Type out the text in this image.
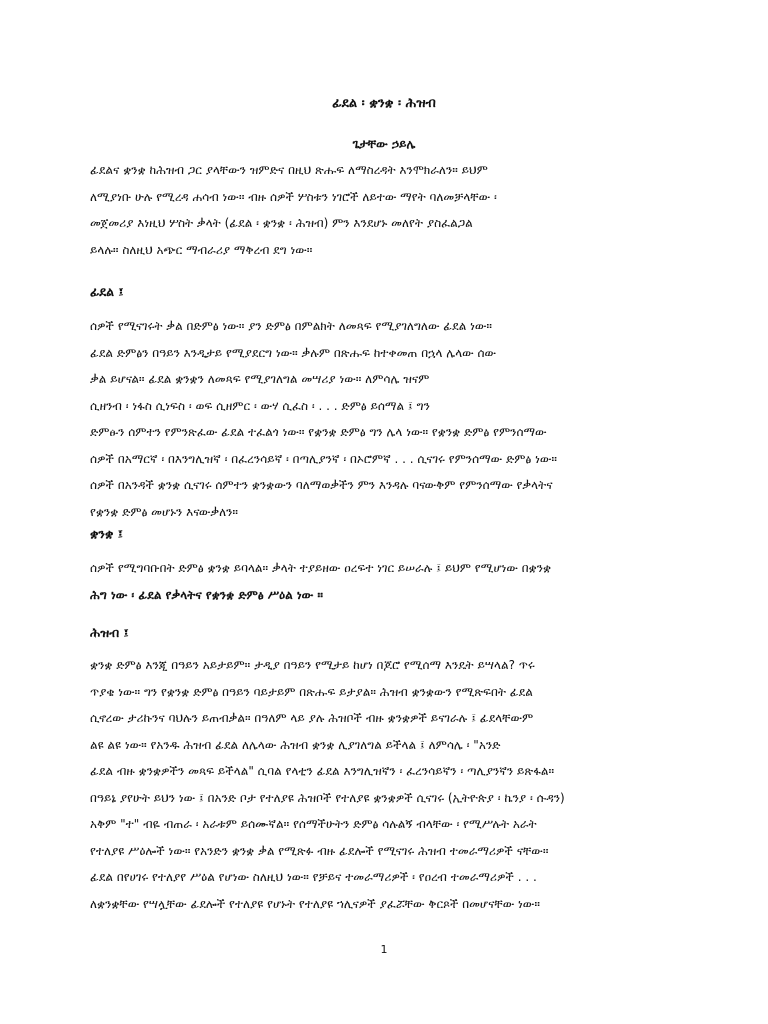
ፊደል ፡ ቋንቋ ፡ ሕዝብ
ጌታቸው ኃይሌ
ፊደልና ቋንቋ ከሕዝብ ጋር ያላቸውን ዝምድና በዚህ ጽሑፍ ለማስረዳት እንሞክራለን። ይህም
ለሚያነቡ ሁሉ የሚረዳ ሐሳብ ነው። ብዙ ሰዎች ሦስቱን ነገሮች ለይተው ማየት ባለመቻላቸው ፡
መጀመሪያ እነዚህ ሦስት ቃላት (ፊደል ፡ ቋንቋ ፡ ሕዝብ) ምን እንደሆኑ መለየት ያስፈልጋል
ይላሉ። ስለዚህ አጭር ማብራሪያ ማቅረብ ደግ ነው።
ፊደል ፤
ሰዎች የሚናገሩት ቃል በድምፅ ነው። ያን ድምፅ በምልክት ለመጻፍ የሚያገለግለው ፊደል ነው።
ፊደል ድምፅን በዓይን እንዲታይ የሚያደርግ ነው። ቃሉም በጽሑፍ ከተቀመጠ በኋላ ሌላው ሰው
ቃል ይሆናል። ፊደል ቋንቋን ለመጻፍ የሚያገለግል መሣሪያ ነው። ለምሳሌ ዝናም
ሲዘንብ ፡ ነፋስ ሲነፍስ ፡ ወፍ ሲዘምር ፡ ውሃ ሲፈስ ፡ . . . ድምፅ ይሰማል ፤ ግን
ድምፁን ሰምተን የምንጽፈው ፊደል ተፈልጎ ነው። የቋንቋ ድምፅ ግን ሌላ ነው። የቋንቋ ድምፅ የምንሰማው
ሰዎች በአማርኛ ፡ በእንግሊዝኛ ፡ በፈረንሳይኛ ፡ በጣሊያንኛ ፡ በኦሮምኛ . . . ሲናገሩ የምንሰማው ድምፅ ነው።
ሰዎች በአንዳች ቋንቋ ሲናገሩ ሰምተን ቋንቋውን ባለማወቃችን ምን እንዳሉ ባናውቅም የምንሰማው የቃላትና
የቋንቋ ድምፅ መሆኑን እናውቃለን።
ቋንቋ ፤
ሰዎች የሚግባቡበት ድምፅ ቋንቋ ይባላል። ቃላት ተያይዘው ዐረፍተ ነገር ይሠራሉ ፤ ይህም የሚሆነው በቋንቋ
ሕግ ነው ፡ ፊደል የቃላትና የቋንቋ ድምፅ ሥዕል ነው ።
ሕዝብ ፤
ቋንቋ ድምፅ እንጂ በዓይን አይታይም። ታዲያ በዓይን የሚታይ ከሆነ በጆሮ የሚሰማ እንዴት ይሣላል? ጥሩ
ጥያቄ ነው። ግን የቋንቋ ድምፅ በዓይን ባይታይም በጽሑፍ ይታያል። ሕዝብ ቋንቋውን የሚጽፍበት ፊደል
ሲኖረው ታሪኩንና ባህሉን ይጠብቃል። በዓለም ላይ ያሉ ሕዝቦች ብዙ ቋንቋዎች ይናገራሉ ፤ ፊደላቸውም
ልዩ ልዩ ነው። የአንዱ ሕዝብ ፊደል ለሌላው ሕዝብ ቋንቋ ሊያገለግል ይችላል ፤ ለምሳሌ ፡ "አንድ
ፊደል ብዙ ቋንቋዎችን መጻፍ ይችላል" ሲባል የላቲን ፊደል እንግሊዝኛን ፡ ፈረንሳይኛን ፡ ጣሊያንኛን ይጽፋል።
በዓይኔ ያየሁት ይህን ነው ፤ በአንድ ቦታ የተለያዩ ሕዝቦች የተለያዩ ቋንቋዎች ሲናገሩ (ኢትዮጵያ ፡ ኬንያ ፡ ሱዳን)
አቅም "ተ" ብዬ ብጠራ ፡ አራቱም ይሰሙኛል። የሰማችሁትን ድምፅ ሳሉልኝ ብላቸው ፡ የሚሥሉት አራት
የተለያዩ ሥዕሎች ነው። የአንድን ቋንቋ ቃል የሚጽፉ ብዙ ፊደሎች የሚናገሩ ሕዝብ ተመራማሪዎች ናቸው።
ፊደል በየሀገሩ የተለያየ ሥዕል የሆነው ስለዚህ ነው። የቻይና ተመራማሪዎች ፡ የዐረብ ተመራማሪዎች . . .
ለቋንቋቸው የሣሏቸው ፊደሎች የተለያዩ የሆኑት የተለያዩ ኀሊናዎች ያፈሯቸው ቅርጾች በመሆናቸው ነው።
1
